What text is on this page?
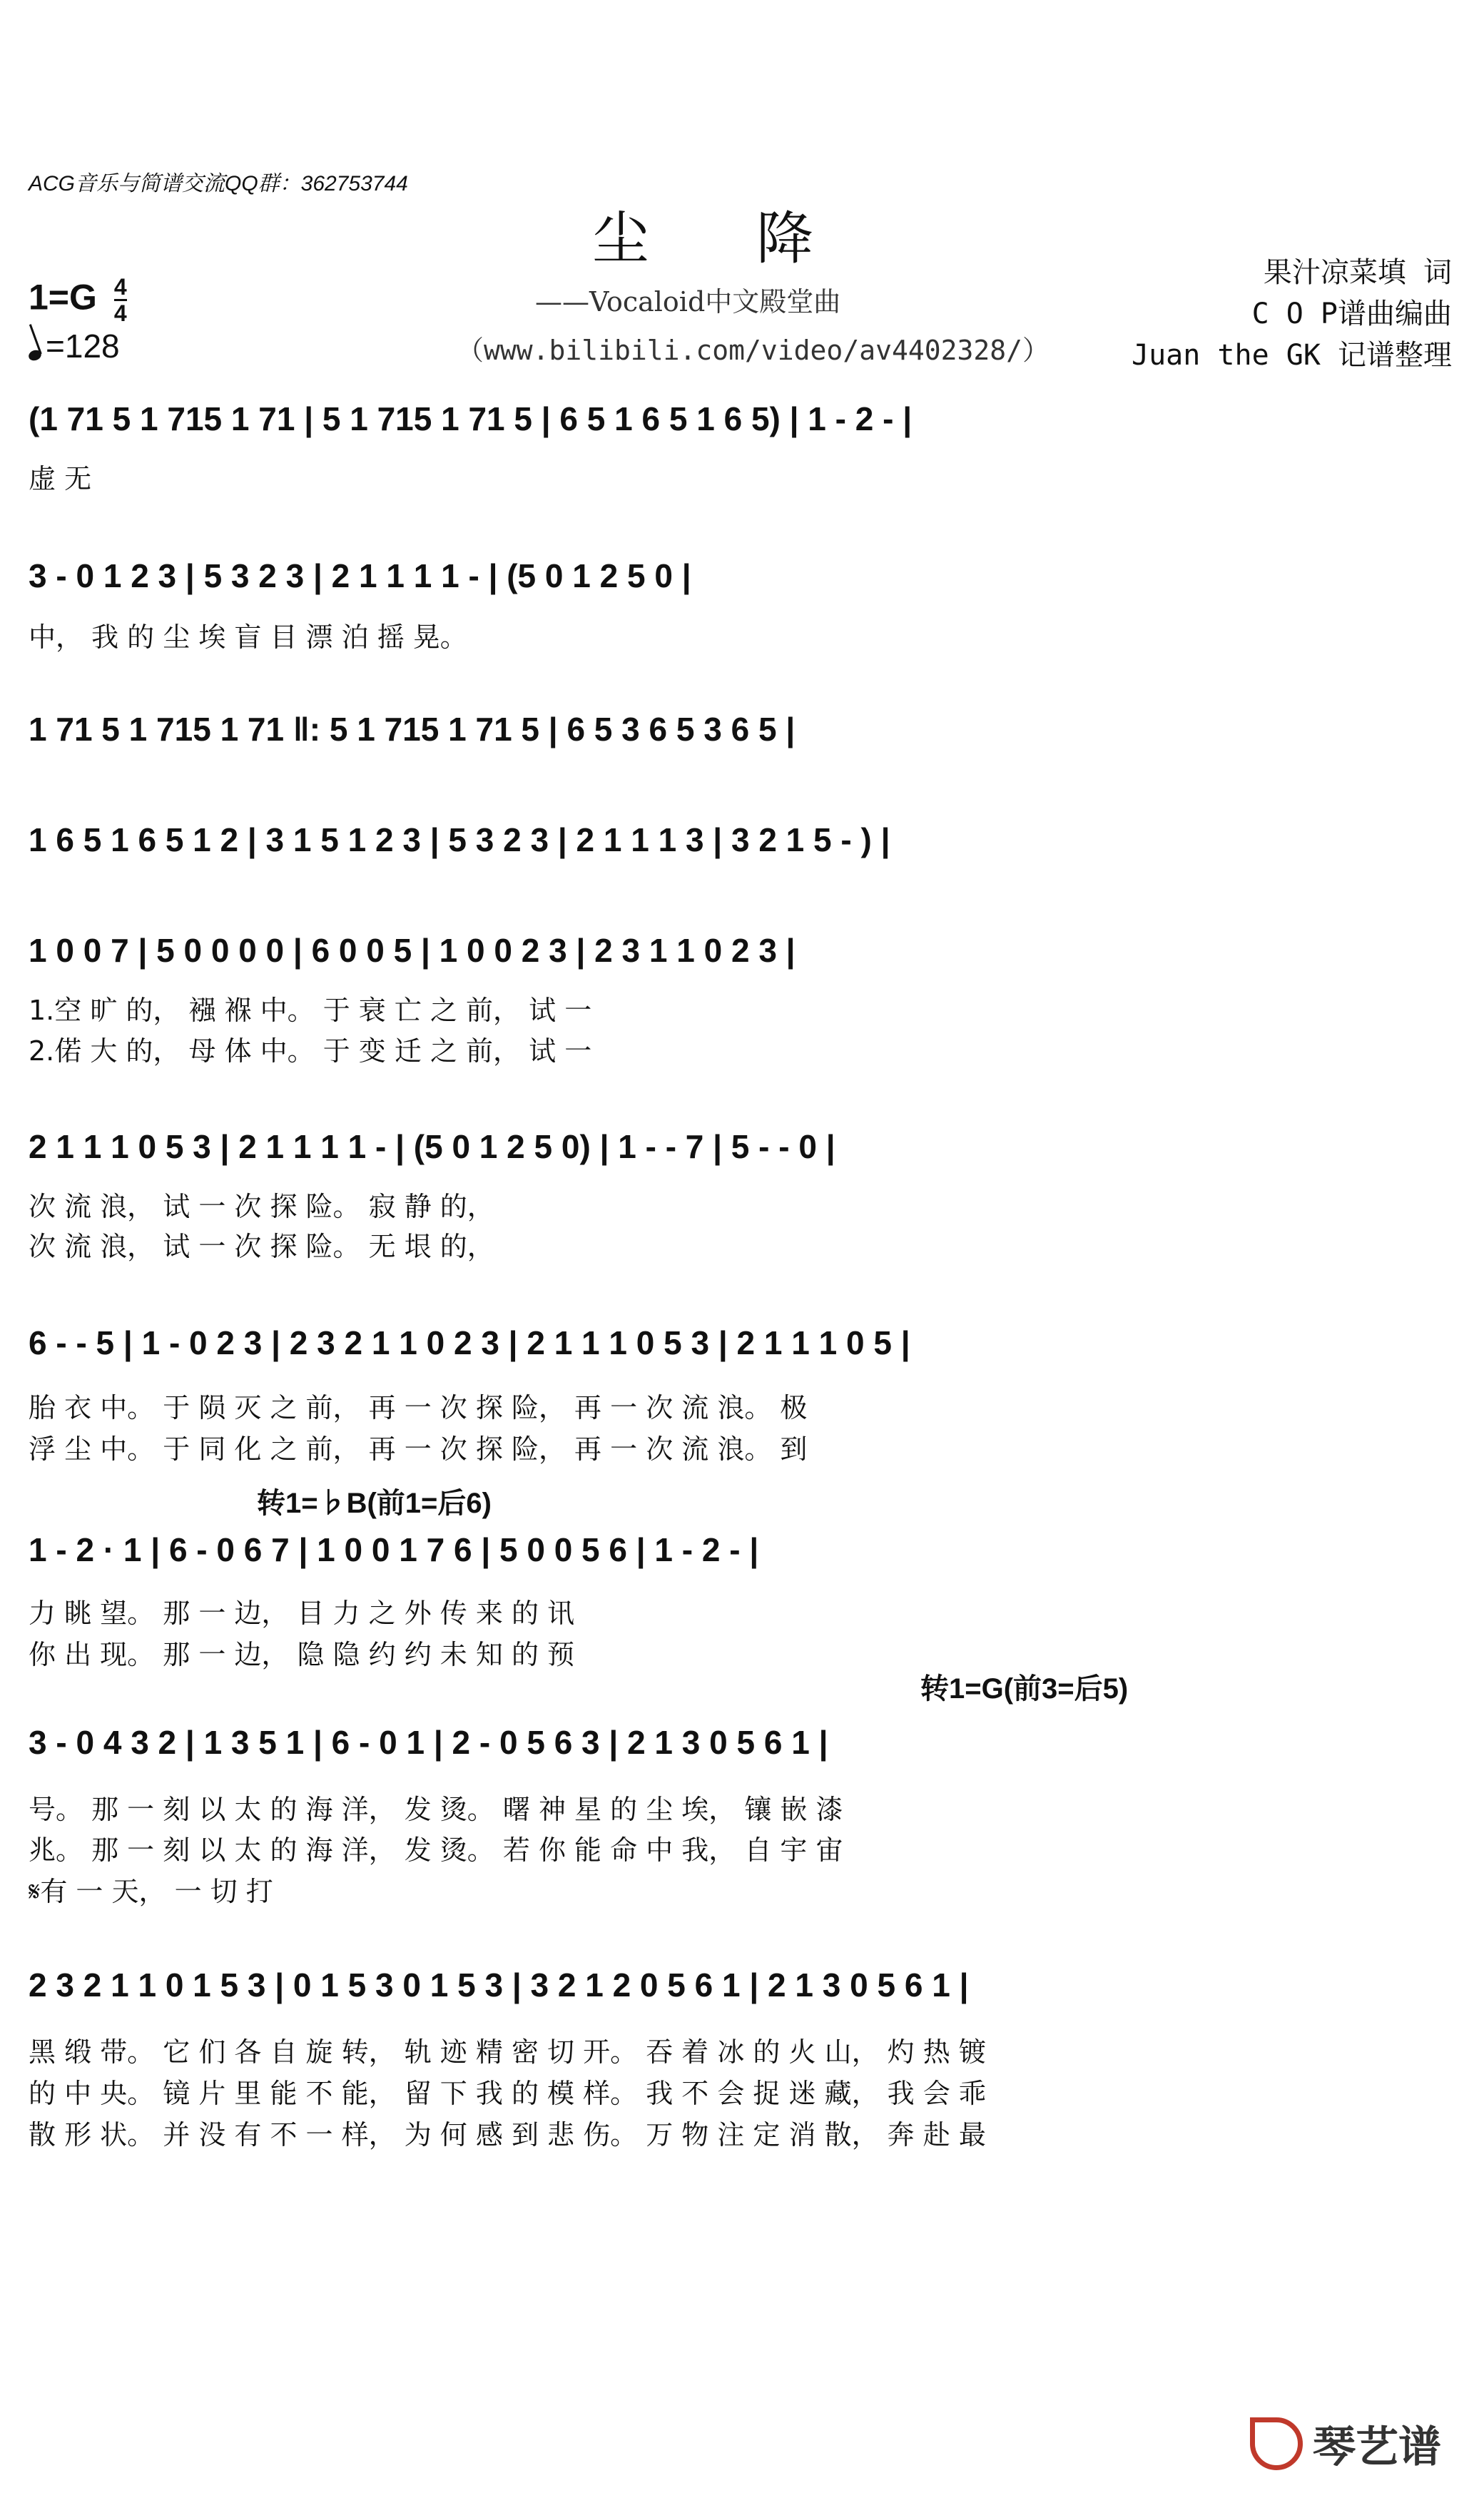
ACG音乐与简谱交流QQ群：362753744
尘降
——Vocaloid中文殿堂曲
（www.bilibili.com/video/av4402328/）
果汁凉菜填 词
C O P谱曲编曲
Juan the GK 记谱整理
$1=G \frac{4}{4}$
=128
(1 71 5 1 715 1 71 | 5 1 715 1 71 5 | 6 5 1 6 5 1 6 5) | 1 - 2 - |
虚 无
3 - 0 1 2 3 | 5 3 2 3 | 2 1 1 1 1 - | (5 0 1 2 5 0 |
中， 我 的 尘 埃 盲 目 漂 泊 摇 晃。
1 71 5 1 715 1 71 ‖: 5 1 715 1 71 5 | 6 5 3 6 5 3 6 5 |
1 6 5 1 6 5 1 2 | 3 1 5 1 2 3 | 5 3 2 3 | 2 1 1 1 3 | 3 2 1 5 - ) |
1 0 0 7 | 5 0 0 0 0 | 6 0 0 5 | 1 0 0 2 3 | 2 3 1 1 0 2 3 |
1.空 旷 的， 襁 褓 中。 于 衰 亡 之 前， 试 一
2.偌 大 的， 母 体 中。 于 变 迁 之 前， 试 一
2 1 1 1 0 5 3 | 2 1 1 1 1 - | (5 0 1 2 5 0) | 1 - - 7 | 5 - - 0 |
次 流 浪， 试 一 次 探 险。 寂 静 的，
次 流 浪， 试 一 次 探 险。 无 垠 的，
6 - - 5 | 1 - 0 2 3 | 2 3 2 1 1 0 2 3 | 2 1 1 1 0 5 3 | 2 1 1 1 0 5 |
胎 衣 中。 于 陨 灭 之 前， 再 一 次 探 险， 再 一 次 流 浪。 极
浮 尘 中。 于 同 化 之 前， 再 一 次 探 险， 再 一 次 流 浪。 到
转1=♭B(前1=后6)
1 - 2 · 1 | 6 - 0 6 7 | 1 0 0 1 7 6 | 5 0 0 5 6 | 1 - 2 - |
力 眺 望。 那 一 边， 目 力 之 外 传 来 的 讯
你 出 现。 那 一 边， 隐 隐 约 约 未 知 的 预
转1=G(前3=后5)
3 - 0 4 3 2 | 1 3 5 1 | 6 - 0 1 | 2 - 0 5 6 3 | 2 1 3 0 5 6 1 |
号。 那 一 刻 以 太 的 海 洋， 发 烫。 曙 神 星 的 尘 埃， 镶 嵌 漆
兆。 那 一 刻 以 太 的 海 洋， 发 烫。 若 你 能 命 中 我， 自 宇 宙
𝄋有 一 天， 一 切 打
2 3 2 1 1 0 1 5 3 | 0 1 5 3 0 1 5 3 | 3 2 1 2 0 5 6 1 | 2 1 3 0 5 6 1 |
黑 缎 带。 它 们 各 自 旋 转， 轨 迹 精 密 切 开。 吞 着 冰 的 火 山， 灼 热 镀
的 中 央。 镜 片 里 能 不 能， 留 下 我 的 模 样。 我 不 会 捉 迷 藏， 我 会 乖
散 形 状。 并 没 有 不 一 样， 为 何 感 到 悲 伤。 万 物 注 定 消 散， 奔 赴 最
琴艺谱
